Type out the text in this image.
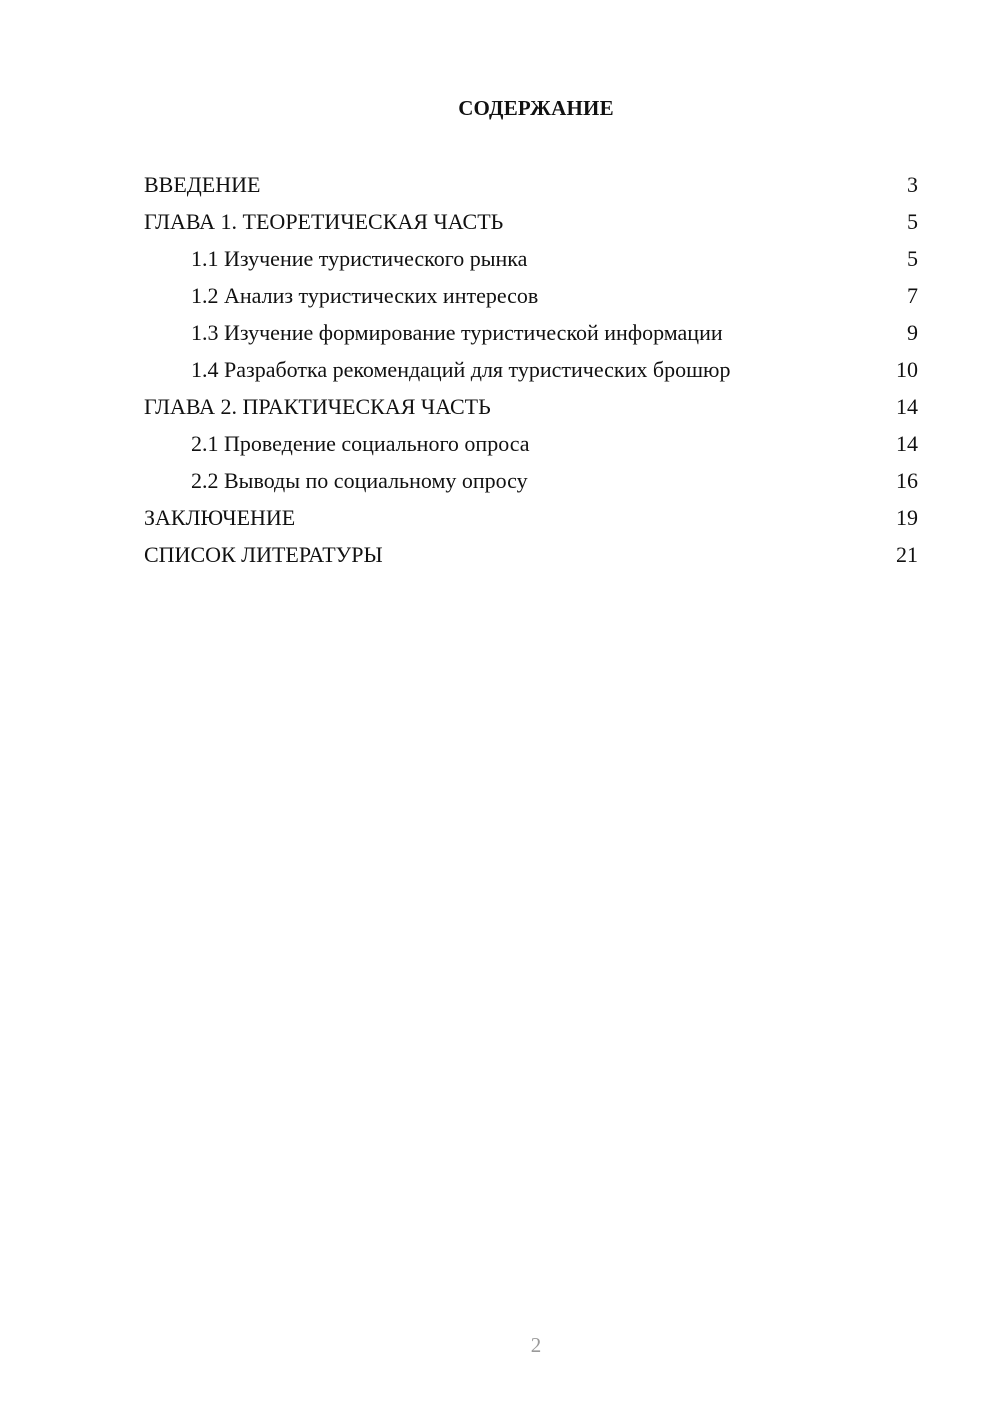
СОДЕРЖАНИЕ
ВВЕДЕНИЕ	3
ГЛАВА 1. ТЕОРЕТИЧЕСКАЯ ЧАСТЬ	5
1.1 Изучение туристического рынка	5
1.2 Анализ туристических интересов	7
1.3 Изучение формирование туристической информации	9
1.4 Разработка рекомендаций для туристических брошюр	10
ГЛАВА 2. ПРАКТИЧЕСКАЯ ЧАСТЬ	14
2.1 Проведение социального опроса	14
2.2 Выводы по социальному опросу	16
ЗАКЛЮЧЕНИЕ	19
СПИСОК ЛИТЕРАТУРЫ	21

2
